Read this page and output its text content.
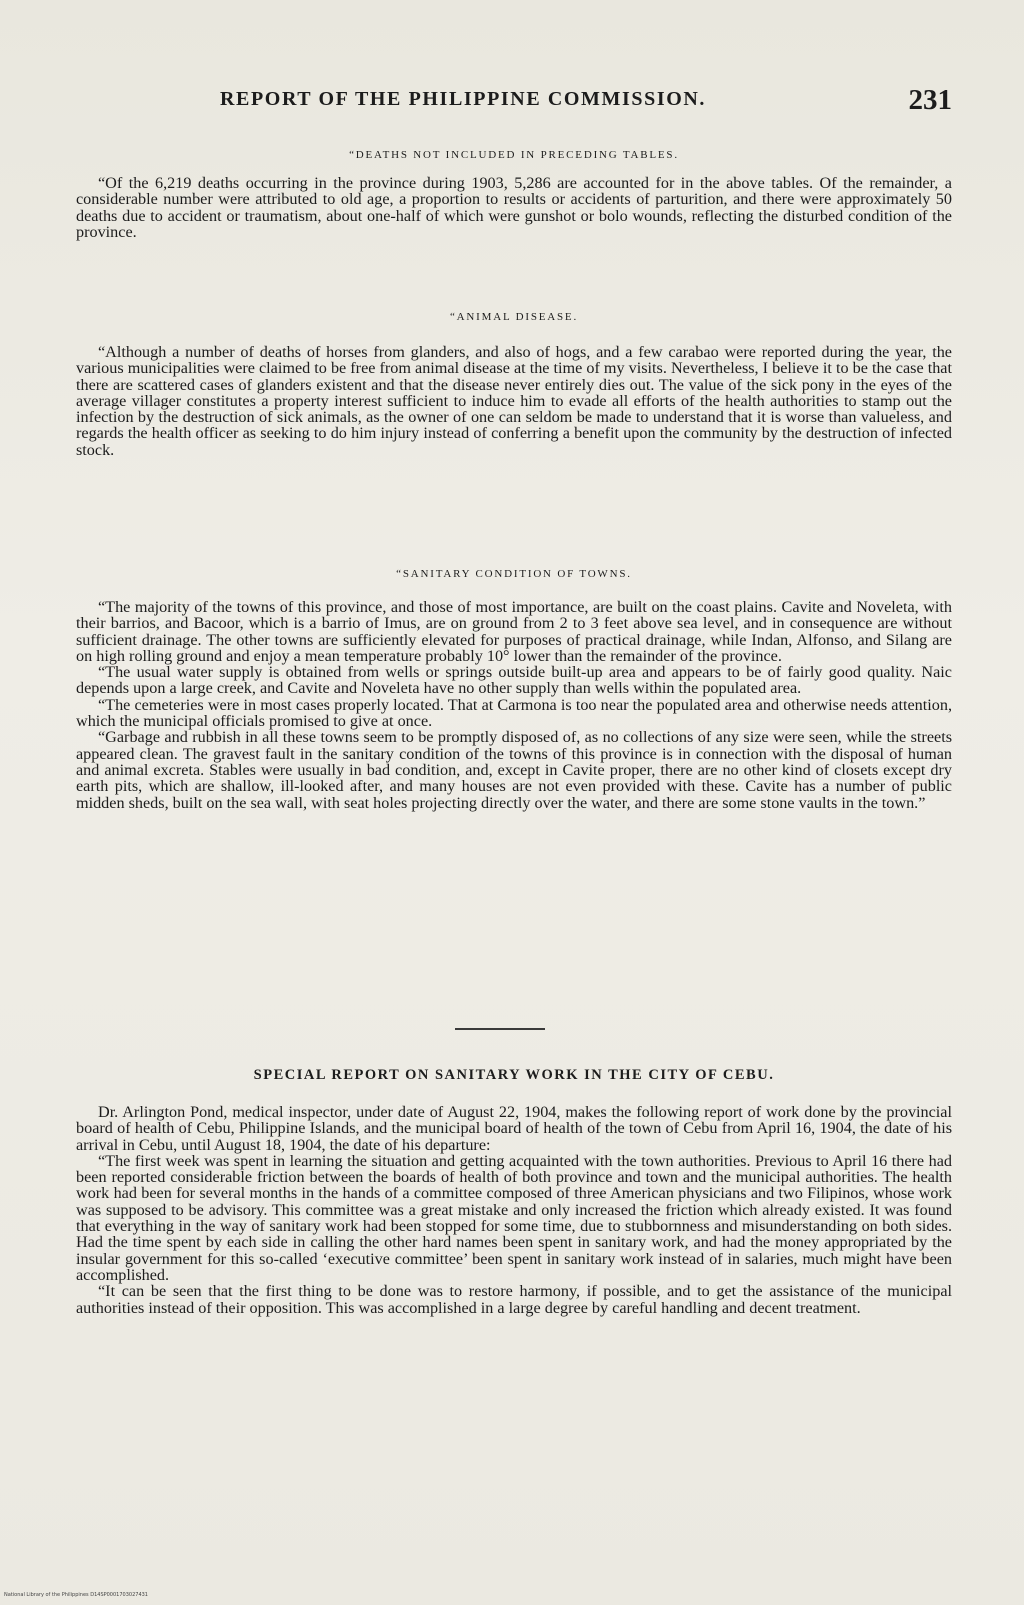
REPORT OF THE PHILIPPINE COMMISSION.	231
“DEATHS NOT INCLUDED IN PRECEDING TABLES.

“Of the 6,219 deaths occurring in the province during 1903, 5,286 are accounted for in the above tables. Of the remainder, a considerable number were attributed to old age, a proportion to results or accidents of parturition, and there were approximately 50 deaths due to accident or traumatism, about one-half of which were gunshot or bolo wounds, reflecting the disturbed condition of the province.

“ANIMAL DISEASE.

“Although a number of deaths of horses from glanders, and also of hogs, and a few carabao were reported during the year, the various municipalities were claimed to be free from animal disease at the time of my visits. Nevertheless, I believe it to be the case that there are scattered cases of glanders existent and that the disease never entirely dies out. The value of the sick pony in the eyes of the average villager constitutes a property interest sufficient to induce him to evade all efforts of the health authorities to stamp out the infection by the destruction of sick animals, as the owner of one can seldom be made to understand that it is worse than valueless, and regards the health officer as seeking to do him injury instead of conferring a benefit upon the community by the destruction of infected stock.

“SANITARY CONDITION OF TOWNS.

“The majority of the towns of this province, and those of most importance, are built on the coast plains. Cavite and Noveleta, with their barrios, and Bacoor, which is a barrio of Imus, are on ground from 2 to 3 feet above sea level, and in consequence are without sufficient drainage. The other towns are sufficiently elevated for purposes of practical drainage, while Indan, Alfonso, and Silang are on high rolling ground and enjoy a mean temperature probably 10° lower than the remainder of the province.

“The usual water supply is obtained from wells or springs outside built-up area and appears to be of fairly good quality. Naic depends upon a large creek, and Cavite and Noveleta have no other supply than wells within the populated area.

“The cemeteries were in most cases properly located. That at Carmona is too near the populated area and otherwise needs attention, which the municipal officials promised to give at once.

“Garbage and rubbish in all these towns seem to be promptly disposed of, as no collections of any size were seen, while the streets appeared clean. The gravest fault in the sanitary condition of the towns of this province is in connection with the disposal of human and animal excreta. Stables were usually in bad condition, and, except in Cavite proper, there are no other kind of closets except dry earth pits, which are shallow, ill-looked after, and many houses are not even provided with these. Cavite has a number of public midden sheds, built on the sea wall, with seat holes projecting directly over the water, and there are some stone vaults in the town.”

SPECIAL REPORT ON SANITARY WORK IN THE CITY OF CEBU.

Dr. Arlington Pond, medical inspector, under date of August 22, 1904, makes the following report of work done by the provincial board of health of Cebu, Philippine Islands, and the municipal board of health of the town of Cebu from April 16, 1904, the date of his arrival in Cebu, until August 18, 1904, the date of his departure:

“The first week was spent in learning the situation and getting acquainted with the town authorities. Previous to April 16 there had been reported considerable friction between the boards of health of both province and town and the municipal authorities. The health work had been for several months in the hands of a committee composed of three American physicians and two Filipinos, whose work was supposed to be advisory. This committee was a great mistake and only increased the friction which already existed. It was found that everything in the way of sanitary work had been stopped for some time, due to stubbornness and misunderstanding on both sides. Had the time spent by each side in calling the other hard names been spent in sanitary work, and had the money appropriated by the insular government for this so-called ‘executive committee’ been spent in sanitary work instead of in salaries, much might have been accomplished.

“It can be seen that the first thing to be done was to restore harmony, if possible, and to get the assistance of the municipal authorities instead of their opposition. This was accomplished in a large degree by careful handling and decent treatment.

National Library of the Philippines D14SP0001703027431
